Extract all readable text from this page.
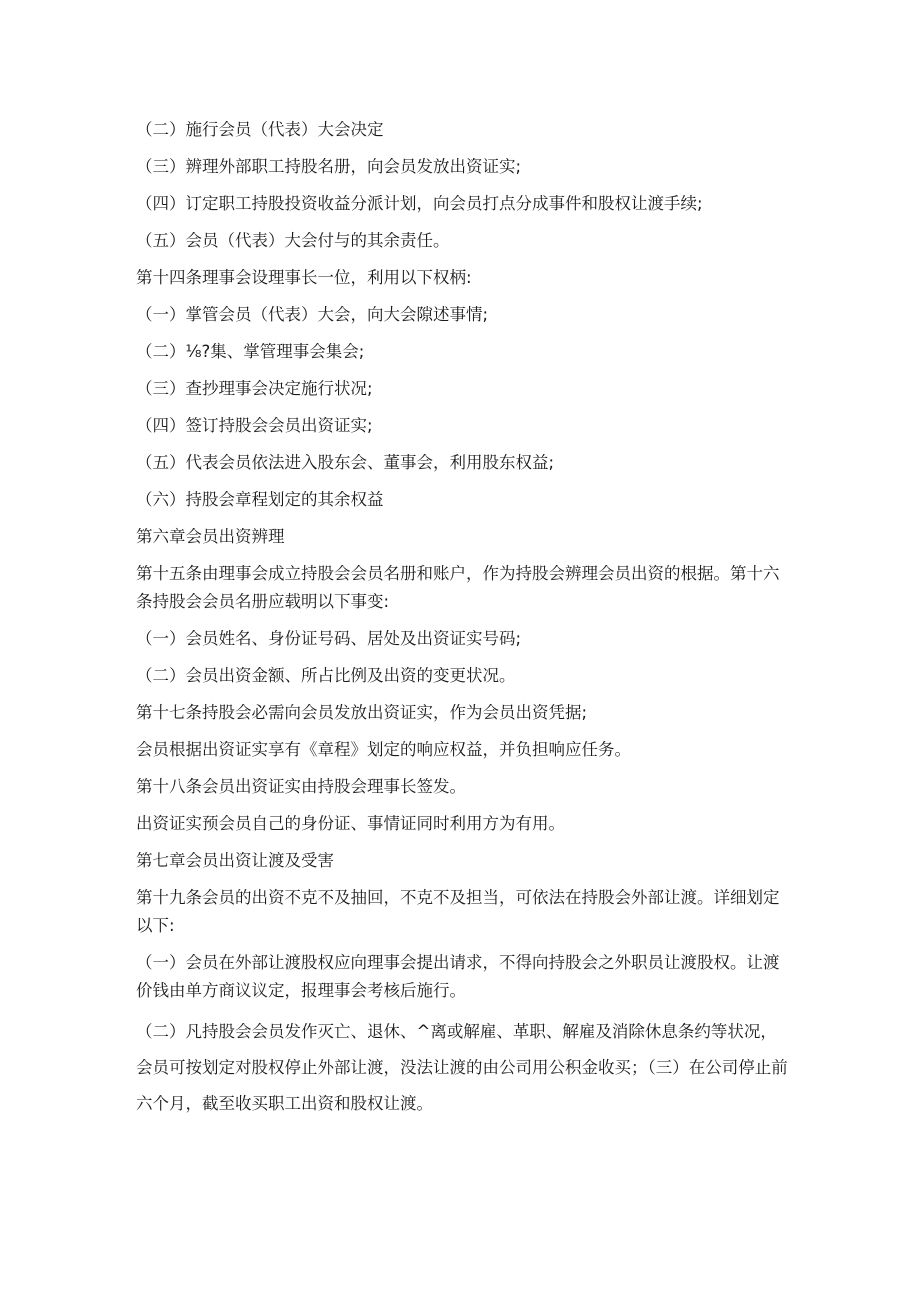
（二）施行会员（代表）大会决定
（三）辨理外部职工持股名册，向会员发放出资证实;
（四）订定职工持股投资收益分派计划，向会员打点分成事件和股权让渡手续;
（五）会员（代表）大会付与的其余责任。
第十四条理事会设理事长一位，利用以下权柄:
（一）掌管会员（代表）大会，向大会隙述事情;
（二）⅛?集、掌管理事会集会;
（三）查抄理事会决定施行状况;
（四）签订持股会会员出资证实;
（五）代表会员依法进入股东会、董事会，利用股东权益;
（六）持股会章程划定的其余权益
第六章会员出资辨理
第十五条由理事会成立持股会会员名册和账户，作为持股会辨理会员出资的根据。第十六条持股会会员名册应载明以下事变:
（一）会员姓名、身份证号码、居处及出资证实号码;
（二）会员出资金额、所占比例及出资的变更状况。
第十七条持股会必需向会员发放出资证实，作为会员出资凭据;
会员根据出资证实享有《章程》划定的响应权益，并负担响应任务。
第十八条会员出资证实由持股会理事长签发。
出资证实预会员自己的身份证、事情证同时利用方为有用。
第七章会员出资让渡及受害
第十九条会员的出资不克不及抽回，不克不及担当，可依法在持股会外部让渡。详细划定以下:
（一）会员在外部让渡股权应向理事会提出请求，不得向持股会之外职员让渡股权。让渡价钱由单方商议议定，报理事会考核后施行。
（二）凡持股会会员发作灭亡、退休、^离或解雇、革职、解雇及消除休息条约等状况，会员可按划定对股权停止外部让渡，没法让渡的由公司用公积金收买；（三）在公司停止前六个月，截至收买职工出资和股权让渡。
